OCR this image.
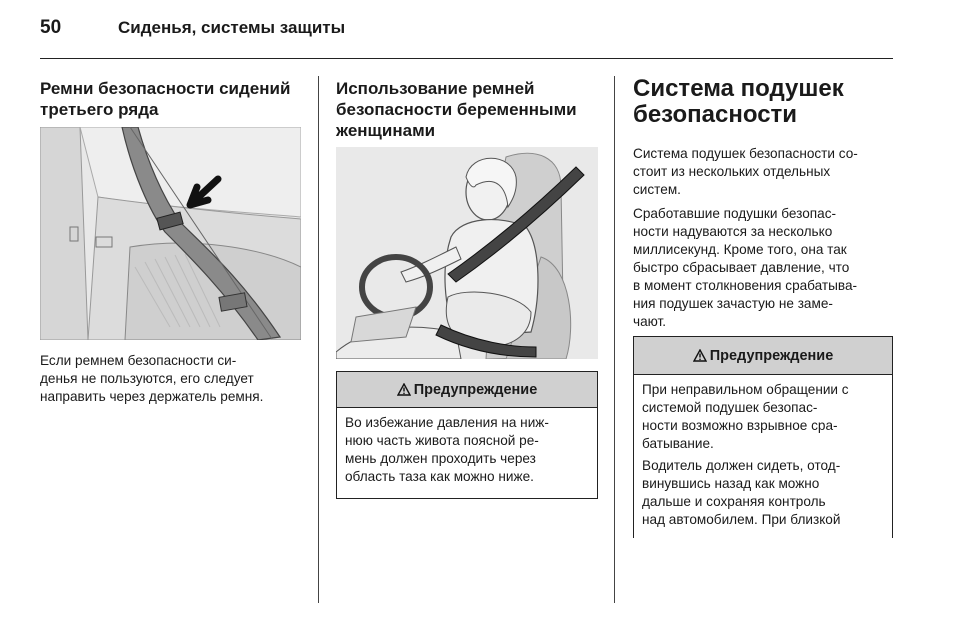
50	Сиденья, системы защиты
Ремни безопасности сидений
третьего ряда
Если ремнем безопасности си-
денья не пользуются, его следует
направить через держатель ремня.
Использование ремней
безопасности беременными
женщинами
Предупреждение
Во избежание давления на ниж-
нюю часть живота поясной ре-
мень должен проходить через
область таза как можно ниже.
Система подушек
безопасности
Система подушек безопасности со-
стоит из нескольких отдельных
систем.
Сработавшие подушки безопас-
ности надуваются за несколько
миллисекунд. Кроме того, она так
быстро сбрасывает давление, что
в момент столкновения срабатыва-
ния подушек зачастую не заме-
чают.
Предупреждение
При неправильном обращении с
системой подушек безопас-
ности возможно взрывное сра-
батывание.
Водитель должен сидеть, отод-
винувшись назад как можно
дальше и сохраняя контроль
над автомобилем. При близкой
